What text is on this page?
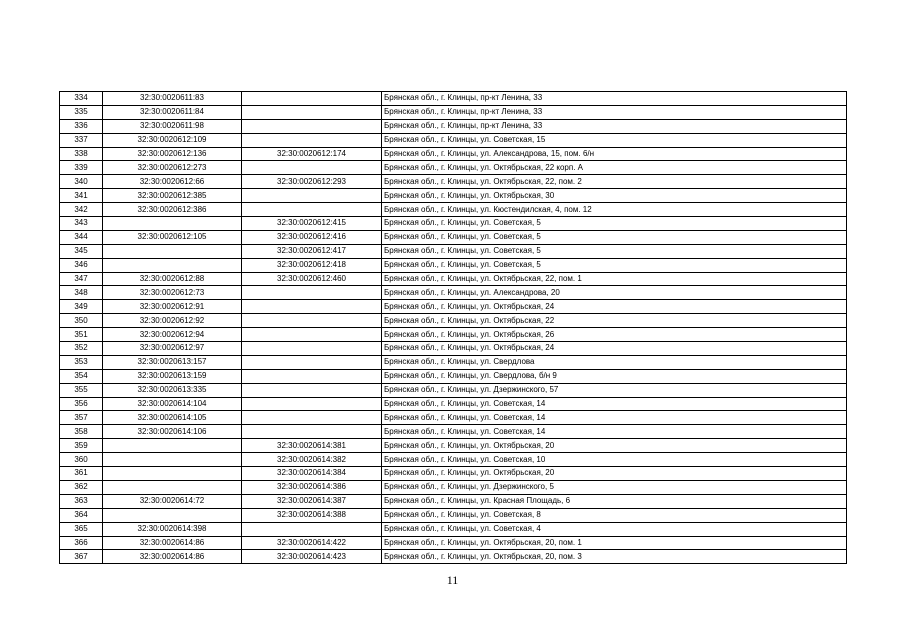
334	32:30:0020611:83		Брянская обл., г. Клинцы, пр-кт Ленина, 33
335	32:30:0020611:84		Брянская обл., г. Клинцы, пр-кт Ленина, 33
336	32:30:0020611:98		Брянская обл., г. Клинцы, пр-кт Ленина, 33
337	32:30:0020612:109		Брянская обл., г. Клинцы, ул. Советская, 15
338	32:30:0020612:136	32:30:0020612:174	Брянская обл., г. Клинцы, ул. Александрова, 15, пом. 6/н
339	32:30:0020612:273		Брянская обл., г. Клинцы, ул. Октябрьская, 22 корп. А
340	32:30:0020612:66	32:30:0020612:293	Брянская обл., г. Клинцы, ул. Октябрьская, 22, пом. 2
341	32:30:0020612:385		Брянская обл., г. Клинцы, ул. Октябрьская, 30
342	32:30:0020612:386		Брянская обл., г. Клинцы, ул. Кюстендилская, 4, пом. 12
343		32:30:0020612:415	Брянская обл., г. Клинцы, ул. Советская, 5
344	32:30:0020612:105	32:30:0020612:416	Брянская обл., г. Клинцы, ул. Советская, 5
345		32:30:0020612:417	Брянская обл., г. Клинцы, ул. Советская, 5
346		32:30:0020612:418	Брянская обл., г. Клинцы, ул. Советская, 5
347	32:30:0020612:88	32:30:0020612:460	Брянская обл., г. Клинцы, ул. Октябрьская, 22, пом. 1
348	32:30:0020612:73		Брянская обл., г. Клинцы, ул. Александрова, 20
349	32:30:0020612:91		Брянская обл., г. Клинцы, ул. Октябрьская, 24
350	32:30:0020612:92		Брянская обл., г. Клинцы, ул. Октябрьская, 22
351	32:30:0020612:94		Брянская обл., г. Клинцы, ул. Октябрьская, 26
352	32:30:0020612:97		Брянская обл., г. Клинцы, ул. Октябрьская, 24
353	32:30:0020613:157		Брянская обл., г. Клинцы, ул. Свердлова
354	32:30:0020613:159		Брянская обл., г. Клинцы, ул. Свердлова, б/н 9
355	32:30:0020613:335		Брянская обл., г. Клинцы, ул. Дзержинского, 57
356	32:30:0020614:104		Брянская обл., г. Клинцы, ул. Советская, 14
357	32:30:0020614:105		Брянская обл., г. Клинцы, ул. Советская, 14
358	32:30:0020614:106		Брянская обл., г. Клинцы, ул. Советская, 14
359		32:30:0020614:381	Брянская обл., г. Клинцы, ул. Октябрьская, 20
360		32:30:0020614:382	Брянская обл., г. Клинцы, ул. Советская, 10
361		32:30:0020614:384	Брянская обл., г. Клинцы, ул. Октябрьская, 20
362		32:30:0020614:386	Брянская обл., г. Клинцы, ул. Дзержинского, 5
363	32:30:0020614:72	32:30:0020614:387	Брянская обл., г. Клинцы, ул. Красная Площадь, 6
364		32:30:0020614:388	Брянская обл., г. Клинцы, ул. Советская, 8
365	32:30:0020614:398		Брянская обл., г. Клинцы, ул. Советская, 4
366	32:30:0020614:86	32:30:0020614:422	Брянская обл., г. Клинцы, ул. Октябрьская, 20, пом. 1
367	32:30:0020614:86	32:30:0020614:423	Брянская обл., г. Клинцы, ул. Октябрьская, 20, пом. 3
11
